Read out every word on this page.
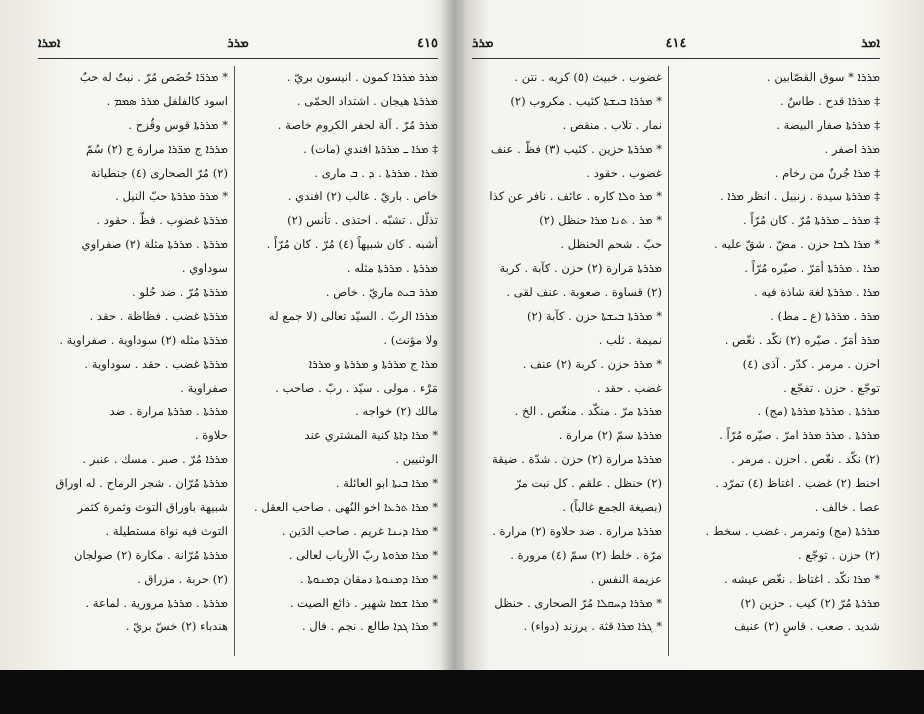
ܐܡܪܐ	ܡܪܪ	٤١٥
* ܡܪܪ̈ܐ حُضَص مُرّ . نبتٌ له حبٌ
اسود كالفلفل ܡܪܪ ܣܡܡ .
* ܡܪܪܬܐ قوس وقُزح .
ܡܪܪܐ ج ܡܪ̈ܪܐ مرارة ج (٢) سُمّ
(٢) مُرّ الصحارى (٤) جنطيانة
* ܡܪܪ ܡܪܪܬܐ حبّ النيل .
ܡܪܪܬܐ غضوب . فظّ . حقود .
ܡܪܪܬܐ . ܡܪܪܬܐ مثلة (٢) صفراوي
سوداوي .
ܡܪܪܬܐ مُرّ . ضد حُلو .
ܡܪܪܬܐ غضب . فظاظة . حقد .
ܡܪܪܬܐ مثله (٢) سوداوية . صفراوية .
ܡܪܪܬܐ غضب . حقد . سوداوية .
صفراوية .
ܡܪܪܬܐ . ܡܪܪܬܐ مرارة . ضد
حلاوة .
ܡܪܪܐ مُرّ . صبر . مسك . عنبر .
ܡܪܪܬܐ مُرّان . شجر الرماح . له اوراق
شبيهة باوراق التوث وثمرة كثمر
التوث فيه نواة مستطيلة .
ܡܪܪܬܐ مُرّانة . مكارة (٢) صولجان
(٢) حربة . مزراق .
ܡܪܪܬܐ . ܡܪܪܬܐ مرورية . لماعة .
هندباء (٢) خسّ بريّ .
ܡܪܪ ܡܪܪܐ كمون . انيسون بريّ .
ܡܪܪܬܐ هيجان . اشتداد الحمّى .
ܡܪܪ مُرّ . آلة لحفر الكروم خاصة .
‡ ܡܪܐ ـ ܡܪܪܬܐ افندي (مات) .
ܡܪܐ . ܡܪܪܬܐ . ܕ . ܒ مارى .
خاص . باريّ . غالب (٢) افندي .
تذلّل . تشبّه . احتذى . تأنس (٢)
أشبه . كان شبيهاً (٤) مُرّ . كان مُرّاً .
ܡܪܪܬܐ . ܡܪܪܬܐ مثله .
ܡܪܪ ܒܝܬ ماريّ . خاص .
ܡܪܪܐ الربّ . السيّد تعالى (لا جمع له
ولا مؤنث) .
ܡܪܐ ج ܡܪܪܬܐ و ܡܪܪܬܐ و ܡܪܪܐ
مَرْء . مولى . سيّد . ربّ . صاحب .
مالك (٢) خواجه .
* ܡܪܐ ܕܐܬܐ كنية المشتري عند
الوثنيين .
* ܡܪܐ ܒܝܬܐ ابو العائلة .
* ܡܪܐ ܬܪܥܐ اخو النُهى . صاحب العقل .
* ܡܪܐ ܕܝܢܐ غريم . صاحب الدَين .
* ܡܪܐ ܡܪܘܬܐ ربّ الأرباب لعالى .
* ܡܪܐ ܕܡܢܘܬܐ دمقان ܕܡܢܘܬܐ .
* ܡܪܐ ܫܡܐ شهير . ذائع الصيت .
* ܡܪܐ ܓܕܐ طالع . نجم . فال .
ܡܪܪ	٤١٤	ܐܡܪ
غضوب . خبيث (٥) كريه . نتن .
* ܡܪܪܐ ܒܝܫܬܐ كئيب . مكروب (٢)
نمار . تلاب . منقص .
* ܡܪܪܬܐ حزين . كئيب (٣) فظّ . عنف
غضوب . حقود .
* ܡܪ ܘܠܐ كاره . عائف . نافر عن كذا
* ܡܪ . ܬܢܐ ܡܪܐ حنظل (٢)
حبّ . شحم الحنظل .
ܡܪܪܬܐ مَرارة (٢) حزن . كآبة . كربة
(٢) قساوة . صعوبة . عنف لقى .
* ܡܪܪܬܐ ܒܝܫܬܐ حزن . كآبة (٢)
نميمة . ثلب .
* ܡܪܪ حزن . كربة (٢) عنف .
غضب . حقد .
ܡܪܪܬܐ مرّ . منكّد . منغّص . الخ .
ܡܪܪܬܐ سمّ (٢) مرارة .
ܡܪܪܬܐ مرارة (٢) حزن . شدّة . ضيقة
(٢) حنظل . علقم . كل نبت مرّ
(بصيغة الجمع غالباً) .
ܡܪܪܬܐ مرارة . ضد حلاوة (٢) مرارة .
مرّة . خلط (٢) سمّ (٤) مرورة .
عزيمة النفس .
* ܡܪܪܐ ܕܚܩܠܐ مُرّ الصحارى . حنظل
* ܓܪܐ ܡܪܐ قثة . يرزند (دواء) .
ܡܪܪܐ * سوق القصّابين .
‡ ܡܪܪܐ قدح . طاسٌ .
‡ ܡܪܪܬܐ صفار البيضة .
ܡܪܪ اصفر .
‡ ܡܪܐ جُرنٌ من رخام .
‡ ܡܪܪܬܐ سيدة . زنبيل . انظر ܡܪܐ .
‡ ܡܪܪ ـ ܡܪܪܬܐ مُرّ . كان مُرّاً .
* ܡܪܐ ܠܒܐ حزن . مضّ . شقّ عليه .
ܡܪܐ . ܡܪܪܬܐ أمَرّ . صيّره مُرّاً .
ܡܪܐ . ܡܪܪܬܐ لغة شاذة فيه .
ܡܪܪ . ܡܪܪܬܐ (ع ـ مط) .
ܡܪܪ أمَرّ . صيّره (٢) نكّد . نغّص .
احزن . مرمر . كدّر . آذى (٤)
توجّع . حزن . تفجّع .
ܡܪܪܬܐ . ܡܪܪܬܐ ܡܪܪܬܐ (مج) .
ܡܪܪܬܐ . ܡܪܪ ܡܪܪ امرّ . صيّره مُرّاً .
(٢) نكّد . نغّص . احزن . مرمر .
احنط (٢) غضب . اغتاظ (٤) تمرّد .
عصا . خالف .
ܡܪܪܬܐ (مج) وتمرمر . غضب . سخط .
(٢) حزن . توجّع .
* ܡܪܐ نكّد . اغتاظ . نغّص عيشه .
ܡܪܪܬܐ مُرّ (٢) كيب . حزين (٢)
شديد . صعب . قاسٍ (٢) عنيف
